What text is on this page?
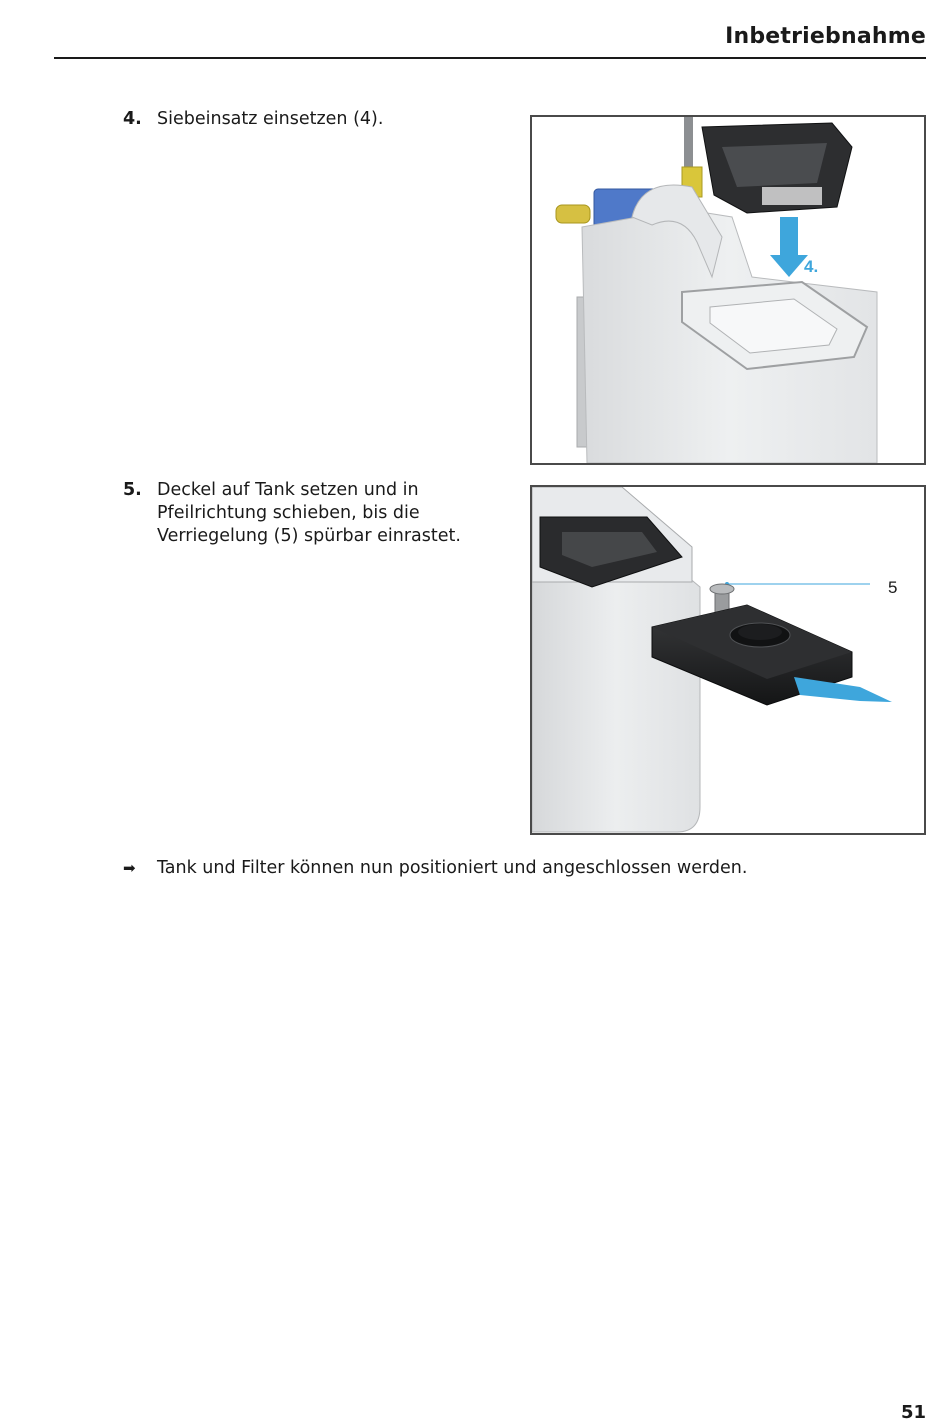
Inbetriebnahme
4. Siebeinsatz einsetzen (4).
4.
5. Deckel auf Tank setzen und in Pfeilrichtung schieben, bis die Verriegelung (5) spürbar einrastet.
5
➡ Tank und Filter können nun positioniert und angeschlossen werden.
51
